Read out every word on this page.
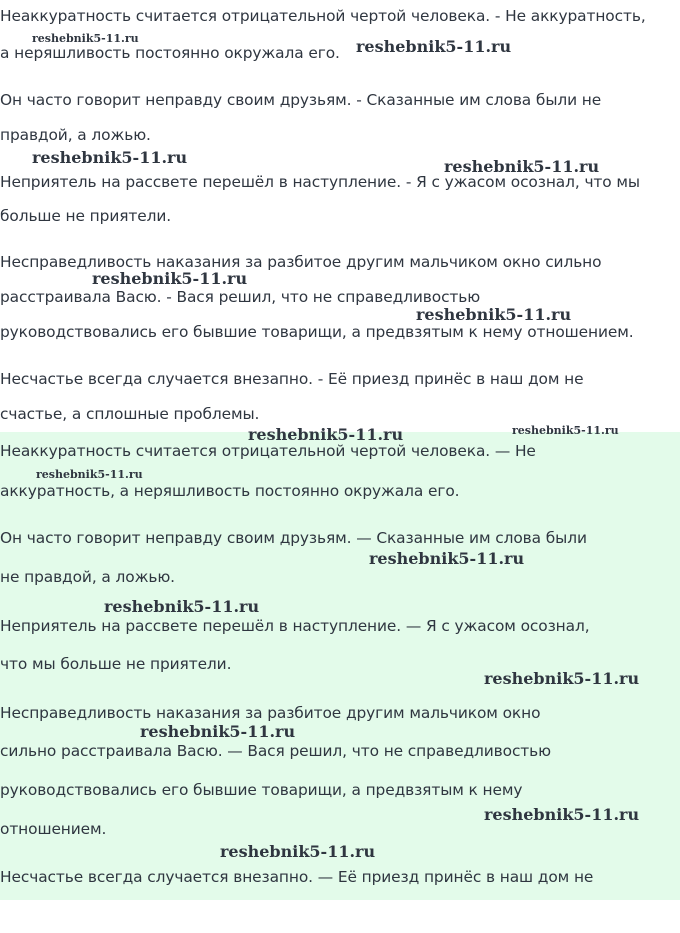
Неаккуратность считается отрицательной чертой человека. - Не аккуратность,
а неряшливость постоянно окружала его.
Он часто говорит неправду своим друзьям. - Сказанные им слова были не
правдой, а ложью.
Неприятель на рассвете перешёл в наступление. - Я с ужасом осознал, что мы
больше не приятели.
Несправедливость наказания за разбитое другим мальчиком окно сильно
расстраивала Васю. - Вася решил, что не справедливостью
руководствовались его бывшие товарищи, а предвзятым к нему отношением.
Несчастье всегда случается внезапно. - Её приезд принёс в наш дом не
счастье, а сплошные проблемы.
Неаккуратность считается отрицательной чертой человека. — Не
аккуратность, а неряшливость постоянно окружала его.
Он часто говорит неправду своим друзьям. — Сказанные им слова были
не правдой, а ложью.
Неприятель на рассвете перешёл в наступление. — Я с ужасом осознал,
что мы больше не приятели.
Несправедливость наказания за разбитое другим мальчиком окно
сильно расстраивала Васю. — Вася решил, что не справедливостью
руководствовались его бывшие товарищи, а предвзятым к нему
отношением.
Несчастье всегда случается внезапно. — Её приезд принёс в наш дом не
reshebnik5-11.ru	reshebnik5-11.ru
reshebnik5-11.ru	reshebnik5-11.ru
reshebnik5-11.ru
reshebnik5-11.ru
reshebnik5-11.ru	reshebnik5-11.ru
reshebnik5-11.ru
reshebnik5-11.ru
reshebnik5-11.ru
reshebnik5-11.ru
reshebnik5-11.ru
reshebnik5-11.ru
reshebnik5-11.ru
